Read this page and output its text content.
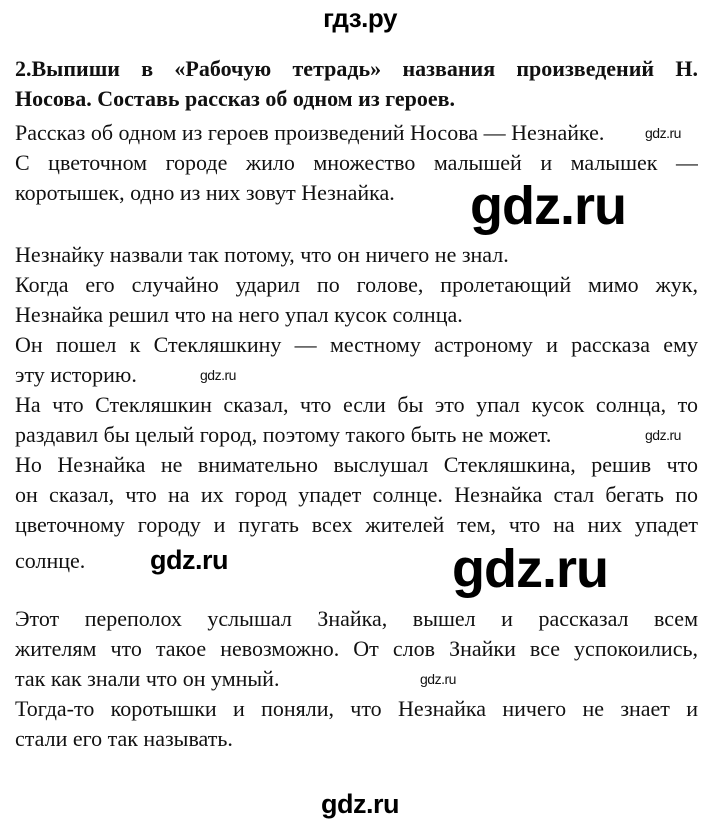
гдз.ру
2.Выпиши в «Рабочую тетрадь» названия произведений Н.
Носова. Составь рассказ об одном из героев.
Рассказ об одном из героев произведений Носова — Незнайке.
С цветочном городе жило множество малышей и малышек —
коротышек, одно из них зовут Незнайка.
Незнайку назвали так потому, что он ничего не знал.
Когда его случайно ударил по голове, пролетающий мимо жук,
Незнайка решил что на него упал кусок солнца.
Он пошел к Стекляшкину — местному астроному и рассказа ему
эту историю.
На что Стекляшкин сказал, что если бы это упал кусок солнца, то
раздавил бы целый город, поэтому такого быть не может.
Но Незнайка не внимательно выслушал Стекляшкина, решив что
он сказал, что на их город упадет солнце. Незнайка стал бегать по
цветочному городу и пугать всех жителей тем, что на них упадет
солнце.
Этот переполох услышал Знайка, вышел и рассказал всем
жителям что такое невозможно. От слов Знайки все успокоились,
так как знали что он умный.
Тогда-то коротышки и поняли, что Незнайка ничего не знает и
стали его так называть.
gdz.ru
gdz.ru
gdz.ru
gdz.ru
gdz.ru
gdz.ru
gdz.ru
gdz.ru
